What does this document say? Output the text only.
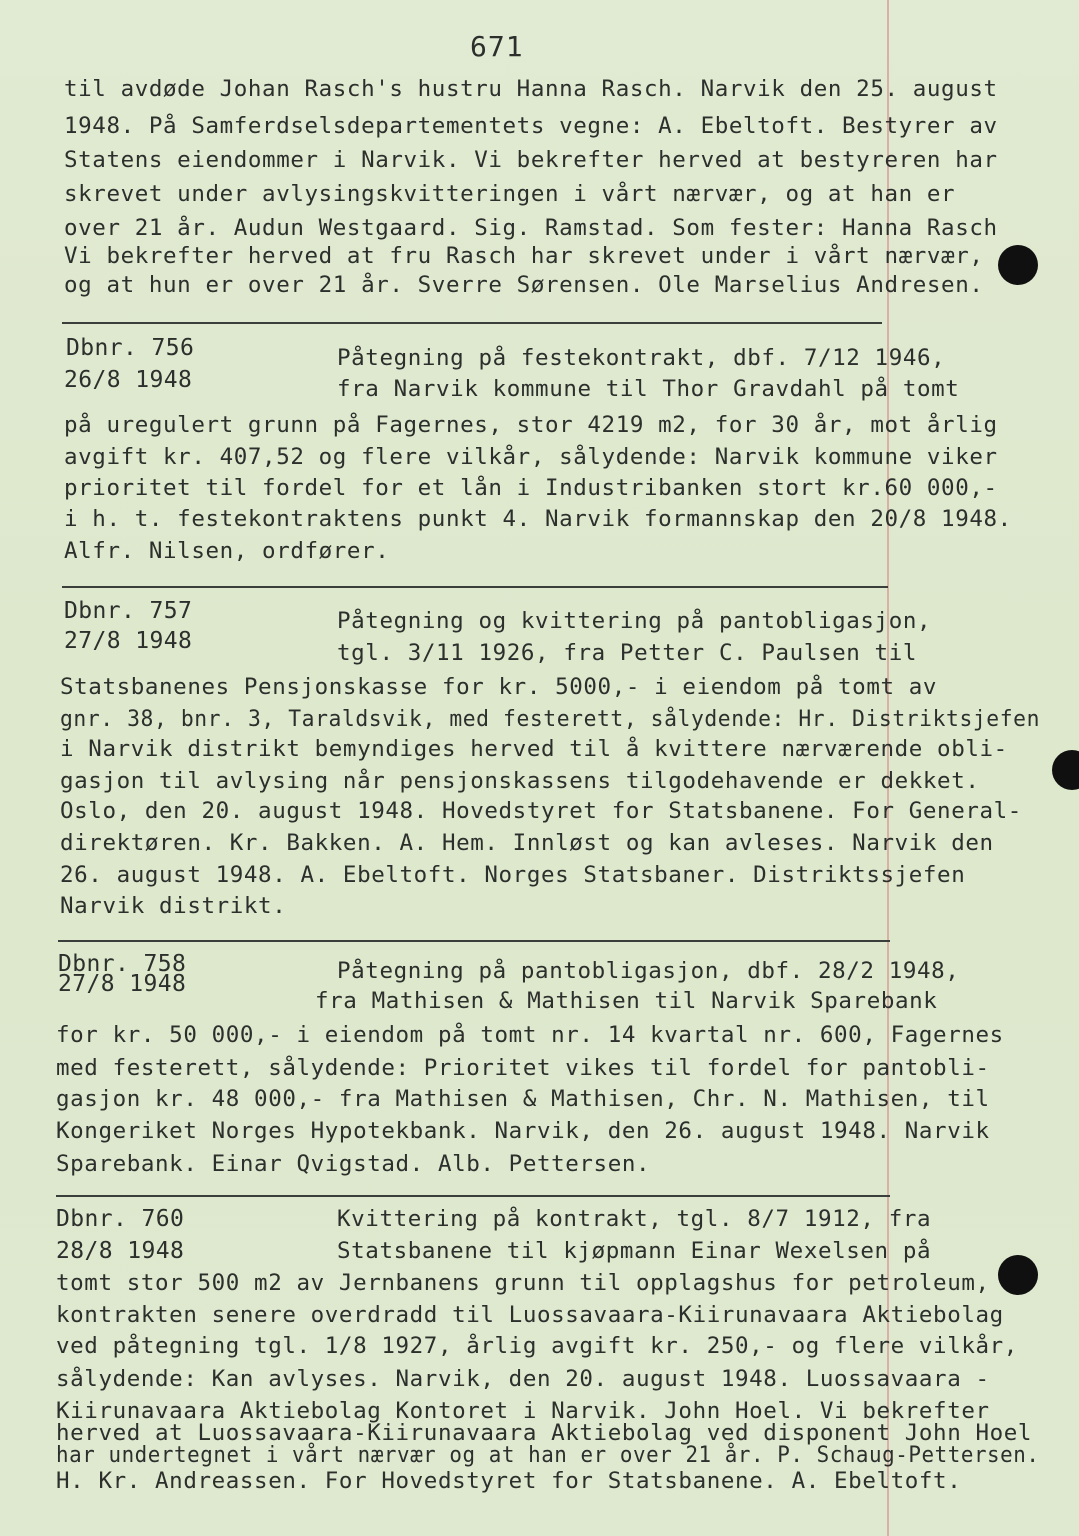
671
til avdøde Johan Rasch's hustru Hanna Rasch. Narvik den 25. august
1948. På Samferdselsdepartementets vegne: A. Ebeltoft. Bestyrer av
Statens eiendommer i Narvik. Vi bekrefter herved at bestyreren har
skrevet under avlysingskvitteringen i vårt nærvær, og at han er
over 21 år. Audun Westgaard. Sig. Ramstad. Som fester: Hanna Rasch
Vi bekrefter herved at fru Rasch har skrevet under i vårt nærvær,
og at hun er over 21 år. Sverre Sørensen. Ole Marselius Andresen.
Dbnr. 756
26/8 1948
Påtegning på festekontrakt, dbf. 7/12 1946,
fra Narvik kommune til Thor Gravdahl på tomt
på uregulert grunn på Fagernes, stor 4219 m2, for 30 år, mot årlig
avgift kr. 407,52 og flere vilkår, sålydende: Narvik kommune viker
prioritet til fordel for et lån i Industribanken stort kr.60 000,-
i h. t. festekontraktens punkt 4. Narvik formannskap den 20/8 1948.
Alfr. Nilsen, ordfører.
Dbnr. 757
27/8 1948
Påtegning og kvittering på pantobligasjon,
tgl. 3/11 1926, fra Petter C. Paulsen til
Statsbanenes Pensjonskasse for kr. 5000,- i eiendom på tomt av
gnr. 38, bnr. 3, Taraldsvik, med festerett, sålydende: Hr. Distriktsjefen
i Narvik distrikt bemyndiges herved til å kvittere nærværende obli-
gasjon til avlysing når pensjonskassens tilgodehavende er dekket.
Oslo, den 20. august 1948. Hovedstyret for Statsbanene. For General-
direktøren. Kr. Bakken. A. Hem. Innløst og kan avleses. Narvik den
26. august 1948. A. Ebeltoft. Norges Statsbaner. Distriktssjefen
Narvik distrikt.
Dbnr. 758
27/8 1948	Påtegning på pantobligasjon, dbf. 28/2 1948,
fra Mathisen & Mathisen til Narvik Sparebank
for kr. 50 000,- i eiendom på tomt nr. 14 kvartal nr. 600, Fagernes
med festerett, sålydende: Prioritet vikes til fordel for pantobli-
gasjon kr. 48 000,- fra Mathisen & Mathisen, Chr. N. Mathisen, til
Kongeriket Norges Hypotekbank. Narvik, den 26. august 1948. Narvik
Sparebank. Einar Qvigstad. Alb. Pettersen.
Dbnr. 760
28/8 1948
Kvittering på kontrakt, tgl. 8/7 1912, fra
Statsbanene til kjøpmann Einar Wexelsen på
tomt stor 500 m2 av Jernbanens grunn til opplagshus for petroleum,
kontrakten senere overdradd til Luossavaara-Kiirunavaara Aktiebolag
ved påtegning tgl. 1/8 1927, årlig avgift kr. 250,- og flere vilkår,
sålydende: Kan avlyses. Narvik, den 20. august 1948. Luossavaara -
Kiirunavaara Aktiebolag Kontoret i Narvik. John Hoel. Vi bekrefter
herved at Luossavaara-Kiirunavaara Aktiebolag ved disponent John Hoel
har undertegnet i vårt nærvær og at han er over 21 år. P. Schaug-Pettersen.
H. Kr. Andreassen. For Hovedstyret for Statsbanene. A. Ebeltoft.
